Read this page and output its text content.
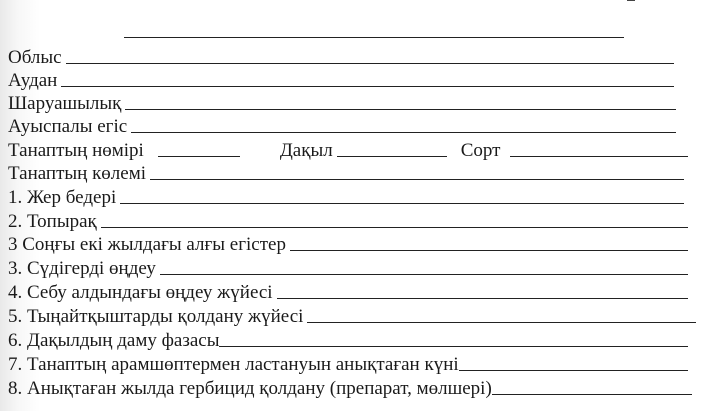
Облыс
Аудан
Шаруашылық
Ауыспалы егіс
Танаптың нөмірі	Дақыл	Сорт
Танаптың көлемі
1. Жер бедері
2. Топырақ
3 Соңғы екі жылдағы алғы егістер
3. Сүдігерді өңдеу
4. Себу алдындағы өңдеу жүйесі
5. Тыңайтқыштарды қолдану жүйесі
6. Дақылдың даму фазасы
7. Танаптың арамшөптермен ластануын анықтаған күні
8. Анықтаған жылда гербицид қолдану (препарат, мөлшері)
